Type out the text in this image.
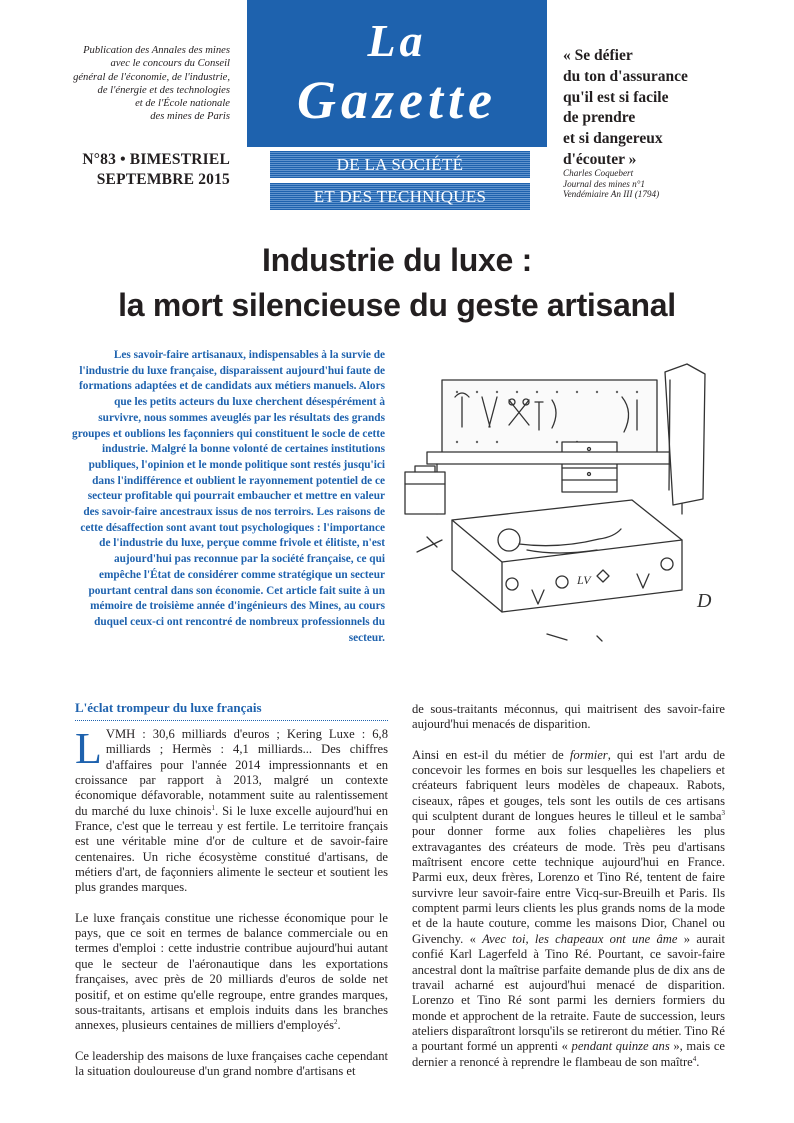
Publication des Annales des mines
avec le concours du Conseil
général de l'économie, de l'industrie,
de l'énergie et des technologies
et de l'École nationale
des mines de Paris
N°83 • BIMESTRIEL
SEPTEMBRE 2015
La
Gazette
DE LA SOCIÉTÉ
ET DES TECHNIQUES
« Se défier
du ton d'assurance
qu'il est si facile
de prendre
et si dangereux
d'écouter »
Charles Coquebert
Journal des mines n°1
Vendémiaire An III (1794)
Industrie du luxe :
la mort silencieuse du geste artisanal
Les savoir-faire artisanaux, indispensables à la survie de l'industrie du luxe française, disparaissent aujourd'hui faute de formations adaptées et de candidats aux métiers manuels. Alors que les petits acteurs du luxe cherchent désespérément à survivre, nous sommes aveuglés par les résultats des grands groupes et oublions les façonniers qui constituent le socle de cette industrie. Malgré la bonne volonté de certaines institutions publiques, l'opinion et le monde politique sont restés jusqu'ici dans l'indifférence et oublient le rayonnement potentiel de ce secteur profitable qui pourrait embaucher et mettre en valeur des savoir-faire ancestraux issus de nos terroirs. Les raisons de cette désaffection sont avant tout psychologiques : l'importance de l'industrie du luxe, perçue comme frivole et élitiste, n'est aujourd'hui pas reconnue par la société française, ce qui empêche l'État de considérer comme stratégique un secteur pourtant central dans son économie. Cet article fait suite à un mémoire de troisième année d'ingénieurs des Mines, au cours duquel ceux-ci ont rencontré de nombreux professionnels du secteur.
D
LV
L'éclat trompeur du luxe français

LVMH : 30,6 milliards d'euros ; Kering Luxe : 6,8 milliards ; Hermès : 4,1 milliards... Des chiffres d'affaires pour l'année 2014 impressionnants et en croissance par rapport à 2013, malgré un contexte économique défavorable, notamment suite au ralentissement du marché du luxe chinois$^1$. Si le luxe excelle aujourd'hui en France, c'est que le terreau y est fertile. Le territoire français est une véritable mine d'or de culture et de savoir-faire centenaires. Un riche écosystème constitué d'artisans, de métiers d'art, de façonniers alimente le secteur et soutient les plus grandes marques.

Le luxe français constitue une richesse économique pour le pays, que ce soit en termes de balance commerciale ou en termes d'emploi : cette industrie contribue aujourd'hui autant que le secteur de l'aéronautique dans les exportations françaises, avec près de 20 milliards d'euros de solde net positif, et on estime qu'elle regroupe, entre grandes marques, sous-traitants, artisans et emplois induits dans les branches annexes, plusieurs centaines de milliers d'employés$^2$.

Ce leadership des maisons de luxe françaises cache cependant la situation douloureuse d'un grand nombre d'artisans et

de sous-traitants méconnus, qui maitrisent des savoir-faire aujourd'hui menacés de disparition.

Ainsi en est-il du métier de formier, qui est l'art ardu de concevoir les formes en bois sur lesquelles les chapeliers et créateurs fabriquent leurs modèles de chapeaux. Rabots, ciseaux, râpes et gouges, tels sont les outils de ces artisans qui sculptent durant de longues heures le tilleul et le samba$^3$ pour donner forme aux folies chapelières les plus extravagantes des créateurs de mode. Très peu d'artisans maîtrisent encore cette technique aujourd'hui en France. Parmi eux, deux frères, Lorenzo et Tino Ré, tentent de faire survivre leur savoir-faire entre Vicq-sur-Breuilh et Paris. Ils comptent parmi leurs clients les plus grands noms de la mode et de la haute couture, comme les maisons Dior, Chanel ou Givenchy. « Avec toi, les chapeaux ont une âme » aurait confié Karl Lagerfeld à Tino Ré. Pourtant, ce savoir-faire ancestral dont la maîtrise parfaite demande plus de dix ans de travail acharné est aujourd'hui menacé de disparition. Lorenzo et Tino Ré sont parmi les derniers formiers du monde et approchent de la retraite. Faute de succession, leurs ateliers disparaîtront lorsqu'ils se retireront du métier. Tino Ré a pourtant formé un apprenti « pendant quinze ans », mais ce dernier a renoncé à reprendre le flambeau de son maître$^4$.
